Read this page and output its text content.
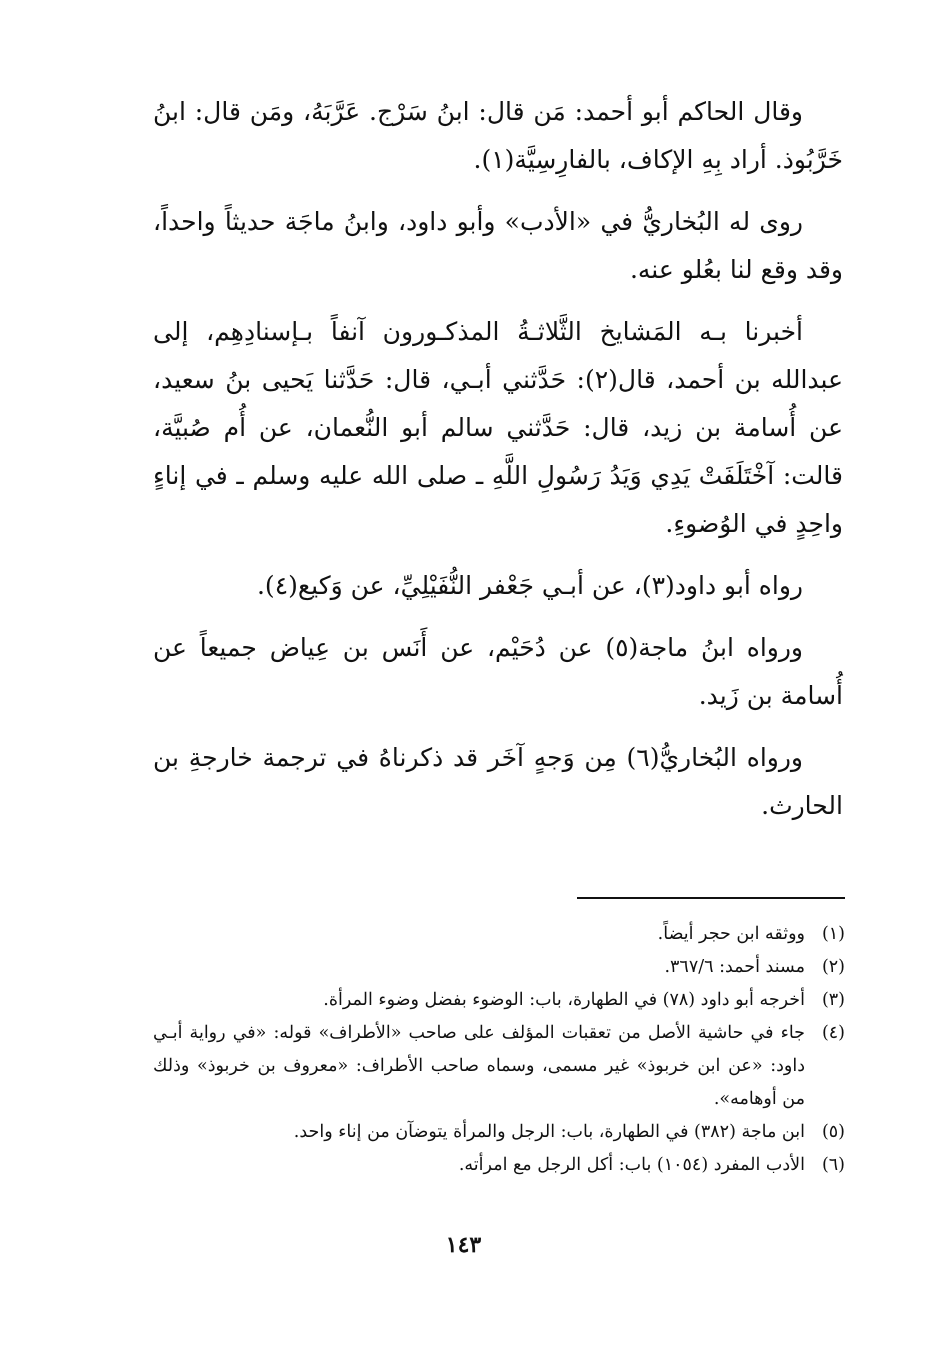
وقال الحاكم أبو أحمد: مَن قال: ابنُ سَرْج. عَرَّبَهُ، ومَن قال: ابنُ خَرَّبُوذ. أراد بِهِ الإكاف، بالفارِسِيَّة(١).

روى له البُخاريُّ في «الأدب» وأبو داود، وابنُ ماجَة حديثاً واحداً، وقد وقع لنا بعُلو عنه.

أخبرنا بـه المَشايخ الثَّلاثـةُ المذكـورون آنفاً بـإسنادِهِم، إلى عبدالله بن أحمد، قال(٢): حَدَّثني أبـي، قال: حَدَّثنا يَحيى بنُ سعيد، عن أُسامة بن زيد، قال: حَدَّثني سالم أبو النُّعمان، عن أُم صُبيَّة، قالت: آخْتَلَفَتْ يَدِي وَيَدُ رَسُولِ اللَّهِ ـ صلى الله عليه وسلم ـ في إناءٍ واحِدٍ في الوُضوءِ.

رواه أبو داود(٣)، عن أبـي جَعْفر النُّفَيْلِيِّ، عن وَكيع(٤).

ورواه ابنُ ماجة(٥) عن دُحَيْم، عن أَنَس بن عِياض جميعاً عن أُسامة بن زَيد.

ورواه البُخاريُّ(٦) مِن وَجهٍ آخَر قد ذكرناهُ في ترجمة خارجةِ بن الحارث.

(١)
ووثقه ابن حجر أيضاً.
(٢)
مسند أحمد: ٣٦٧/٦.
(٣)
أخرجه أبو داود (٧٨) في الطهارة، باب: الوضوء بفضل وضوء المرأة.
(٤)
جاء في حاشية الأصل من تعقبات المؤلف على صاحب «الأطراف» قوله: «في رواية أبـي داود: «عن ابن خربوذ» غير مسمى، وسماه صاحب الأطراف: «معروف بن خربوذ» وذلك من أوهامه».
(٥)
ابن ماجة (٣٨٢) في الطهارة، باب: الرجل والمرأة يتوضآن من إناء واحد.
(٦)
الأدب المفرد (١٠٥٤) باب: أكل الرجل مع امرأته.
١٤٣
